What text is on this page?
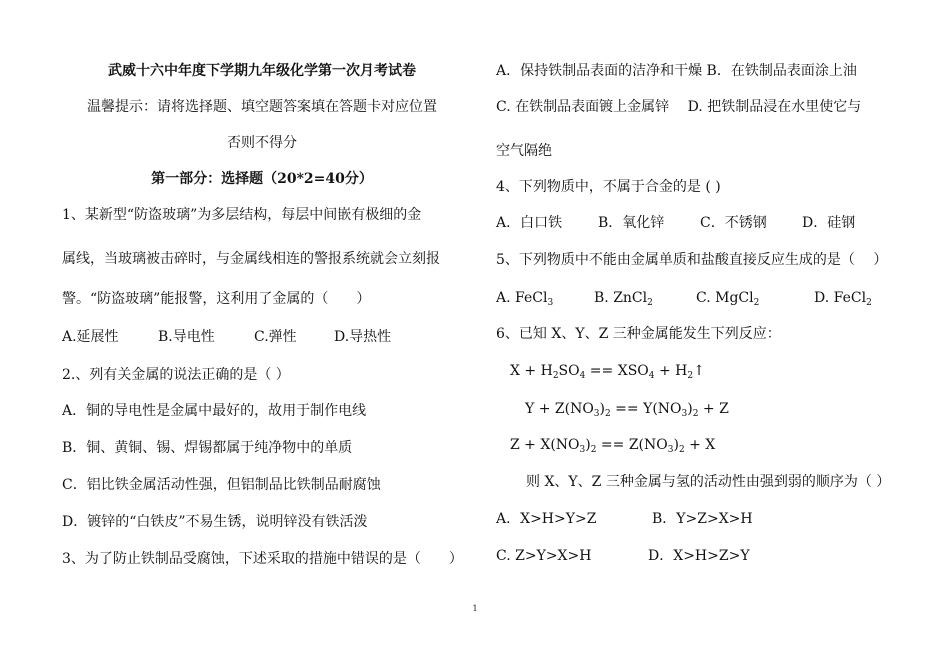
武威十六中年度下学期九年级化学第一次月考试卷
温馨提示：请将选择题、填空题答案填在答题卡对应位置
否则不得分
第一部分：选择题（20*2=40分）
1、某新型“防盗玻璃”为多层结构，每层中间嵌有极细的金
属线，当玻璃被击碎时，与金属线相连的警报系统就会立刻报
警。“防盗玻璃”能报警，这利用了金属的（　　）
A.延展性	B.导电性	C.弹性	D.导热性
2.、列有关金属的说法正确的是（ ）
A．铜的导电性是金属中最好的，故用于制作电线
B．铜、黄铜、锡、焊锡都属于纯净物中的单质
C．铝比铁金属活动性强，但铝制品比铁制品耐腐蚀
D．镀锌的“白铁皮”不易生锈，说明锌没有铁活泼
3、为了防止铁制品受腐蚀，下述采取的措施中错误的是（　　）
A．保持铁制品表面的洁净和干燥 B．在铁制品表面涂上油
C. 在铁制品表面镀上金属锌　 D. 把铁制品浸在水里使它与
空气隔绝
4、下列物质中，不属于合金的是 ( )
A．白口铁	B．氧化锌	C．不锈钢	D．硅钢
5、下列物质中不能由金属单质和盐酸直接反应生成的是（　 ）
A. FeCl3	B. ZnCl2	C. MgCl2	D. FeCl2
6、已知 X、Y、Z 三种金属能发生下列反应：
$X + H_2SO_4 == XSO_4$ + $H_2↑$
$Y + Z(NO_3)_2 == Y(NO_3)_2 + Z$
$Z + X(NO_3)_2 == Z(NO_3)_2 + X$
则 X、Y、Z 三种金属与氢的活动性由强到弱的顺序为（ ）
A．X>H>Y>Z	B．Y>Z>X>H
C. Z>Y>X>H	D．X>H>Z>Y
1
